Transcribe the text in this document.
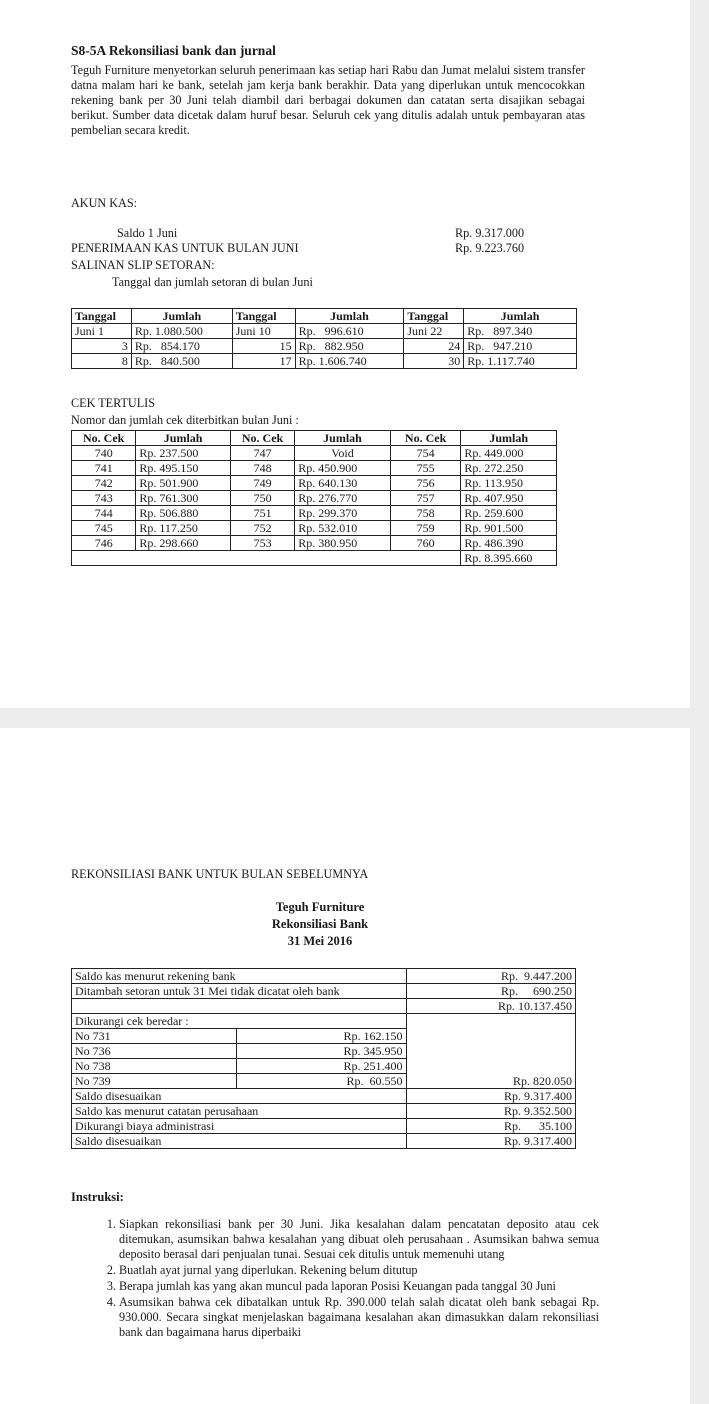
S8-5A Rekonsiliasi bank dan jurnal

Teguh Furniture menyetorkan seluruh penerimaan kas setiap hari Rabu dan Jumat melalui sistem transfer datna malam hari ke bank, setelah jam kerja bank berakhir. Data yang diperlukan untuk mencocokkan rekening bank per 30 Juni telah diambil dari berbagai dokumen dan catatan serta disajikan sebagai berikut. Sumber data dicetak dalam huruf besar. Seluruh cek yang ditulis adalah untuk pembayaran atas pembelian secara kredit.

AKUN KAS:
Saldo 1 Juni	Rp. 9.317.000
PENERIMAAN KAS UNTUK BULAN JUNI	Rp. 9.223.760
SALINAN SLIP SETORAN:
Tanggal dan jumlah setoran di bulan Juni
Tanggal	Jumlah	Tanggal	Jumlah	Tanggal	Jumlah
Juni 1	Rp. 1.080.500	Juni 10	Rp.   996.610	Juni 22	Rp.   897.340
3	Rp.   854.170	15	Rp.   882.950	24	Rp.   947.210
8	Rp.   840.500	17	Rp. 1.606.740	30	Rp. 1.117.740
CEK TERTULIS
Nomor dan jumlah cek diterbitkan bulan Juni :
No. Cek	Jumlah	No. Cek	Jumlah	No. Cek	Jumlah
740	Rp. 237.500	747	Void	754	Rp. 449.000
741	Rp. 495.150	748	Rp. 450.900	755	Rp. 272.250
742	Rp. 501.900	749	Rp. 640.130	756	Rp. 113.950
743	Rp. 761.300	750	Rp. 276.770	757	Rp. 407.950
744	Rp. 506.880	751	Rp. 299.370	758	Rp. 259.600
745	Rp. 117.250	752	Rp. 532.010	759	Rp. 901.500
746	Rp. 298.660	753	Rp. 380.950	760	Rp. 486.390
					Rp. 8.395.660
REKONSILIASI BANK UNTUK BULAN SEBELUMNYA
Teguh Furniture
Rekonsiliasi Bank
31 Mei 2016
Saldo kas menurut rekening bank		Rp.  9.447.200
Ditambah setoran untuk 31 Mei tidak dicatat oleh bank		Rp.     690.250
		Rp. 10.137.450
Dikurangi cek beredar :		Rp. 820.050
No 731	Rp. 162.150	
No 736	Rp. 345.950	
No 738	Rp. 251.400	
No 739	Rp.  60.550	
Saldo disesuaikan		Rp. 9.317.400
Saldo kas menurut catatan perusahaan		Rp. 9.352.500
Dikurangi biaya administrasi		Rp.      35.100
Saldo disesuaikan		Rp. 9.317.400
Instruksi:
1. Siapkan rekonsiliasi bank per 30 Juni. Jika kesalahan dalam pencatatan deposito atau cek ditemukan, asumsikan bahwa kesalahan yang dibuat oleh perusahaan . Asumsikan bahwa semua deposito berasal dari penjualan tunai. Sesuai cek ditulis untuk memenuhi utang
2. Buatlah ayat jurnal yang diperlukan. Rekening belum ditutup
3. Berapa jumlah kas yang akan muncul pada laporan Posisi Keuangan pada tanggal 30 Juni
4. Asumsikan bahwa cek dibatalkan untuk Rp. 390.000 telah salah dicatat oleh bank sebagai Rp. 930.000. Secara singkat menjelaskan bagaimana kesalahan akan dimasukkan dalam rekonsiliasi bank dan bagaimana harus diperbaiki
